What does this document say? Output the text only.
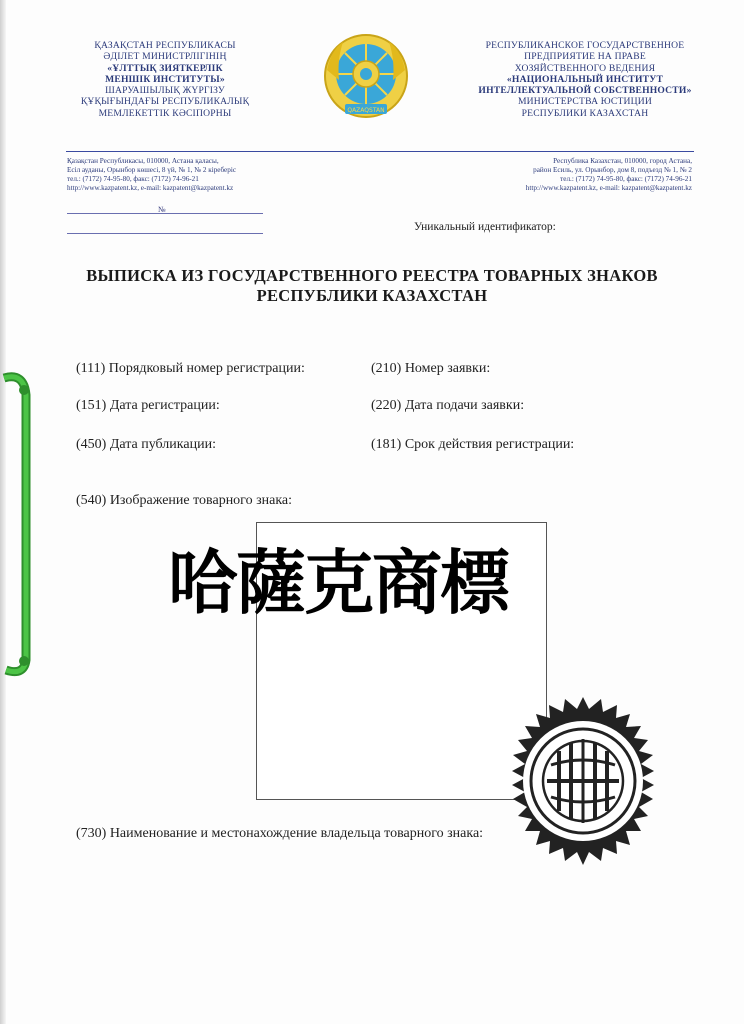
ҚАЗАҚСТАН РЕСПУБЛИКАСЫ
ӘДІЛЕТ МИНИСТРЛІГІНІҢ
«ҰЛТТЫҚ ЗИЯТКЕРЛІК
МЕНШІК ИНСТИТУТЫ»
ШАРУАШЫЛЫҚ ЖҮРГІЗУ
ҚҰҚЫҒЫНДАҒЫ РЕСПУБЛИКАЛЫҚ
МЕМЛЕКЕТТІК КӘСІПОРНЫ	QAZAQSTAN
РЕСПУБЛИКАНСКОЕ ГОСУДАРСТВЕННОЕ
ПРЕДПРИЯТИЕ НА ПРАВЕ
ХОЗЯЙСТВЕННОГО ВЕДЕНИЯ
«НАЦИОНАЛЬНЫЙ ИНСТИТУТ
ИНТЕЛЛЕКТУАЛЬНОЙ СОБСТВЕННОСТИ»
МИНИСТЕРСТВА ЮСТИЦИИ
РЕСПУБЛИКИ КАЗАХСТАН
Қазақстан Республикасы, 010000, Астана қаласы,
Есіл ауданы, Орынбор көшесі, 8 үй, № 1, № 2 кіреберіс
тел.: (7172) 74-95-80, факс: (7172) 74-96-21
http://www.kazpatent.kz, e-mail: kazpatent@kazpatent.kz
Республика Казахстан, 010000, город Астана,
район Есиль, ул. Орынбор, дом 8, подъезд № 1, № 2
тел.: (7172) 74-95-80, факс: (7172) 74-96-21
http://www.kazpatent.kz, e-mail: kazpatent@kazpatent.kz
№
Уникальный идентификатор:
ВЫПИСКА ИЗ ГОСУДАРСТВЕННОГО РЕЕСТРА ТОВАРНЫХ ЗНАКОВ
РЕСПУБЛИКИ КАЗАХСТАН
(111) Порядковый номер регистрации:	(210) Номер заявки:
(151) Дата регистрации:	(220) Дата подачи заявки:
(450) Дата публикации:	(181) Срок действия регистрации:
(540) Изображение товарного знака:
哈薩克商標
(730) Наименование и местонахождение владельца товарного знака:
